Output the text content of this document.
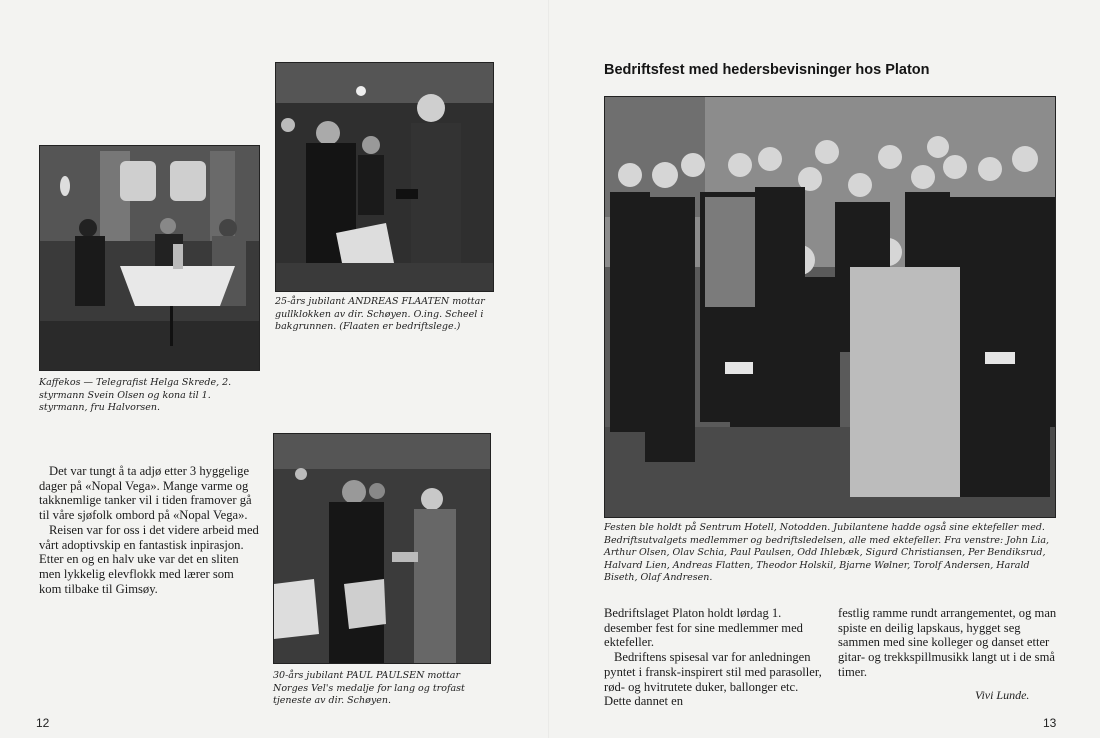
Kaffekos — Telegrafist Helga Skrede, 2. styrmann Svein Olsen og kona til 1. styrmann, fru Halvorsen.

25-års jubilant ANDREAS FLAATEN mottar gullklokken av dir. Schøyen. O.ing. Scheel i bakgrunnen. (Flaaten er bedriftslege.)

30-års jubilant PAUL PAULSEN mottar Norges Vel's medalje for lang og trofast tjeneste av dir. Schøyen.

Det var tungt å ta adjø etter 3 hyggelige dager på «Nopal Vega». Mange varme og takknemlige tanker vil i tiden framover gå til våre sjøfolk ombord på «Nopal Vega».

Reisen var for oss i det videre arbeid med vårt adoptivskip en fantastisk inpirasjon. Etter en og en halv uke var det en sliten men lykkelig elevflokk med lærer som kom tilbake til Gimsøy.

12
Bedriftsfest med hedersbevisninger hos Platon

Festen ble holdt på Sentrum Hotell, Notodden. Jubilantene hadde også sine ektefeller med. Bedriftsutvalgets medlemmer og bedriftsledelsen, alle med ektefeller. Fra venstre: John Lia, Arthur Olsen, Olav Schia, Paul Paulsen, Odd Ihlebæk, Sigurd Christiansen, Per Bendiksrud, Halvard Lien, Andreas Flatten, Theodor Holskil, Bjarne Wølner, Torolf Andersen, Harald Biseth, Olaf Andresen.

Bedriftslaget Platon holdt lørdag 1. desember fest for sine medlemmer med ektefeller.

Bedriftens spisesal var for anledningen pyntet i fransk-inspirert stil med parasoller, rød- og hvitrutete duker, ballonger etc. Dette dannet en

festlig ramme rundt arrangementet, og man spiste en deilig lapskaus, hygget seg sammen med sine kolleger og danset etter gitar- og trekkspillmusikk langt ut i de små timer.

Vivi Lunde.
13
